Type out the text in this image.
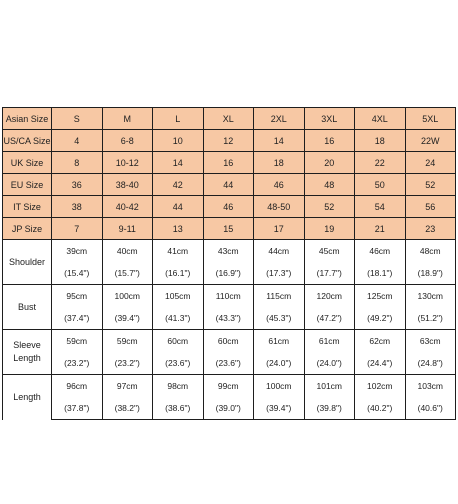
Asian Size	S	M	L	XL	2XL	3XL	4XL	5XL
US/CA Size	4	6-8	10	12	14	16	18	22W
UK Size	8	10-12	14	16	18	20	22	24
EU Size	36	38-40	42	44	46	48	50	52
IT Size	38	40-42	44	46	48-50	52	54	56
JP Size	7	9-11	13	15	17	19	21	23
Shoulder	39cm	40cm	41cm	43cm	44cm	45cm	46cm	48cm
	(15.4")	(15.7")	(16.1")	(16.9")	(17.3")	(17.7")	(18.1")	(18.9")
Bust	95cm	100cm	105cm	110cm	115cm	120cm	125cm	130cm
	(37.4")	(39.4")	(41.3")	(43.3")	(45.3")	(47.2")	(49.2")	(51.2")
Sleeve Length	59cm	59cm	60cm	60cm	61cm	61cm	62cm	63cm
	(23.2")	(23.2")	(23.6")	(23.6")	(24.0")	(24.0")	(24.4")	(24.8")
Length	96cm	97cm	98cm	99cm	100cm	101cm	102cm	103cm
	(37.8")	(38.2")	(38.6")	(39.0")	(39.4")	(39.8")	(40.2")	(40.6")
